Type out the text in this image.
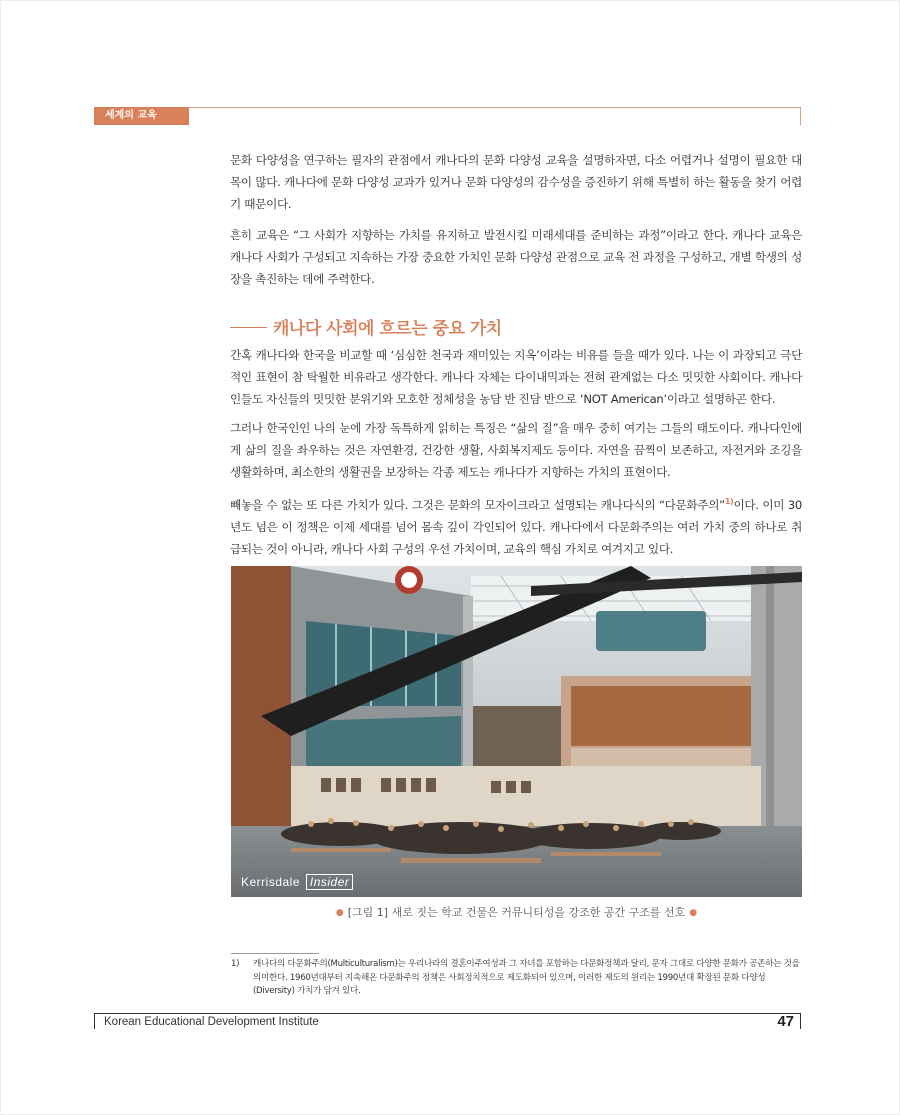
세계의 교육

문화 다양성을 연구하는 필자의 관점에서 캐나다의 문화 다양성 교육을 설명하자면, 다소 어렵거나 설명이 필요한 대목이 많다. 캐나다에 문화 다양성 교과가 있거나 문화 다양성의 감수성을 증진하기 위해 특별히 하는 활동을 찾기 어렵기 때문이다.

흔히 교육은 “그 사회가 지향하는 가치를 유지하고 발전시킬 미래세대를 준비하는 과정”이라고 한다. 캐나다 교육은 캐나다 사회가 구성되고 지속하는 가장 중요한 가치인 문화 다양성 관점으로 교육 전 과정을 구성하고, 개별 학생의 성장을 촉진하는 데에 주력한다.

캐나다 사회에 흐르는 중요 가치

간혹 캐나다와 한국을 비교할 때 ‘심심한 천국과 재미있는 지옥’이라는 비유를 들을 때가 있다. 나는 이 과장되고 극단적인 표현이 참 탁월한 비유라고 생각한다. 캐나다 자체는 다이내믹과는 전혀 관계없는 다소 밋밋한 사회이다. 캐나다인들도 자신들의 밋밋한 분위기와 모호한 정체성을 농담 반 진담 반으로 ‘NOT American’이라고 설명하곤 한다.

그러나 한국인인 나의 눈에 가장 독특하게 읽히는 특징은 “삶의 질”을 매우 중히 여기는 그들의 태도이다. 캐나다인에게 삶의 질을 좌우하는 것은 자연환경, 건강한 생활, 사회복지제도 등이다. 자연을 끔찍이 보존하고, 자전거와 조깅을 생활화하며, 최소한의 생활권을 보장하는 각종 제도는 캐나다가 지향하는 가치의 표현이다.

빼놓을 수 없는 또 다른 가치가 있다. 그것은 문화의 모자이크라고 설명되는 캐나다식의 “다문화주의”$^{1)}$이다. 이미 30년도 넘은 이 정책은 이제 세대를 넘어 몸속 깊이 각인되어 있다. 캐나다에서 다문화주의는 여러 가치 중의 하나로 취급되는 것이 아니라, 캐나다 사회 구성의 우선 가치이며, 교육의 핵심 가치로 여겨지고 있다.

Kerrisdale Insider
● [그림 1] 새로 짓는 학교 건물은 커뮤니티성을 강조한 공간 구조를 선호 ●
1) 캐나다의 다문화주의(Multiculturalism)는 우리나라의 결혼이주여성과 그 자녀를 포함하는 다문화정책과 달리, 문자 그대로 다양한 문화가 공존하는 것을 의미한다. 1960년대부터 지속해온 다문화주의 정책은 사회정치적으로 제도화되어 있으며, 이러한 제도의 원리는 1990년대 확장된 문화 다양성(Diversity) 가치가 담겨 있다.
Korean Educational Development Institute	47
